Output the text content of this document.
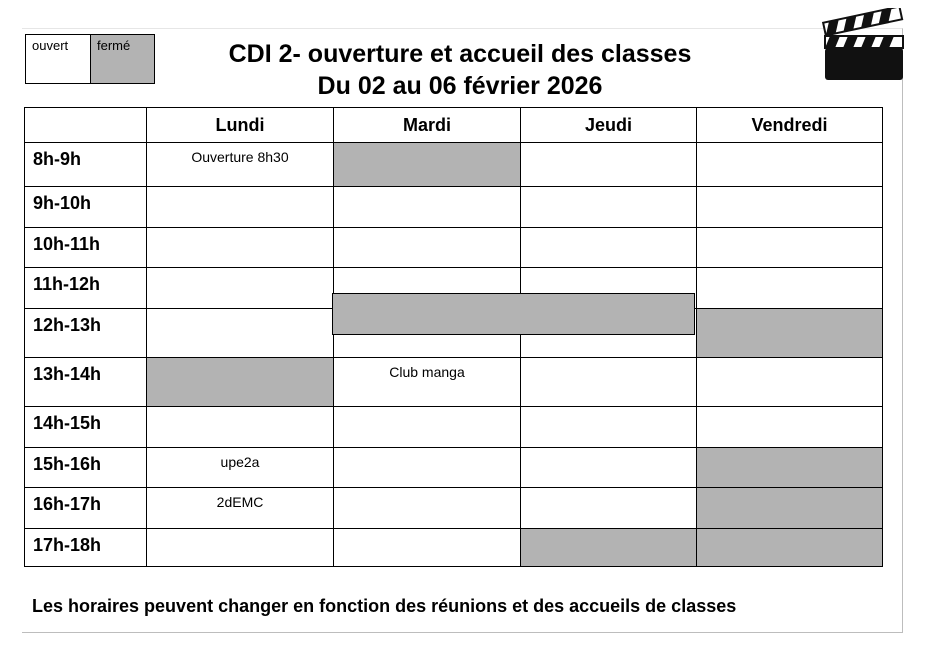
ouvert	fermé	CDI 2- ouverture et accueil des classes
Du 02 au 06 février 2026
	Lundi	Mardi	Jeudi	Vendredi
8h-9h	Ouverture 8h30			
9h-10h				
10h-11h				
11h-12h				
12h-13h				
13h-14h		Club manga		
14h-15h				
15h-16h	upe2a			
16h-17h	2dEMC			
17h-18h				
Les horaires peuvent changer en fonction des réunions et des accueils de classes
